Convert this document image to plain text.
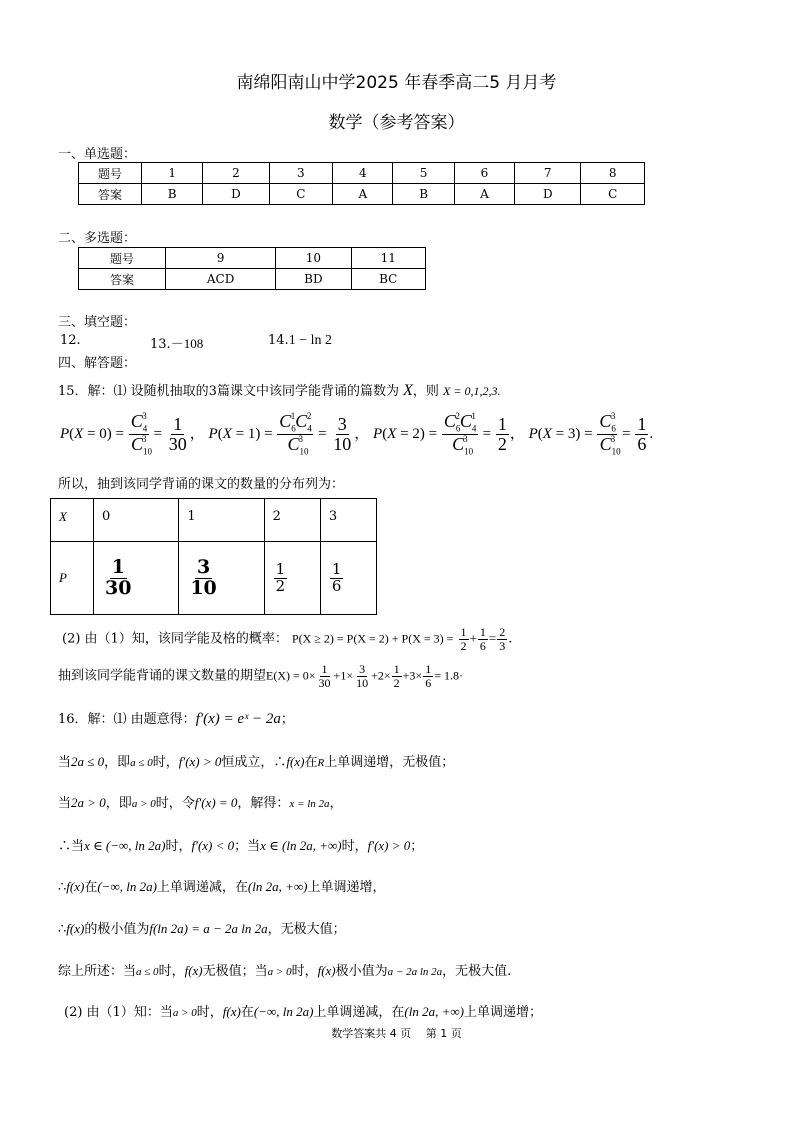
南绵阳南山中学2025 年春季高二5 月月考
数学（参考答案）
一、单选题：
题号	1	2	3	4	5	6	7	8
答案	B	D	C	A	B	A	D	C
二、多选题：
题号	9	10	11
答案	ACD	BD	BC
三、填空题：
12.	13.－108	14.1 − ln 2
四、解答题：
15．解：⑴ 设随机抽取的3篇课文中该同学能背诵的篇数为 X，则 X = 0,1,2,3.
$P(X = 0) = \frac{C_4^3}{C_{10}^3} = \frac{1}{30}$ ， $P(X = 1) = \frac{C_6^1C_4^2}{C_{10}^3} = \frac{3}{10}$ ， $P(X = 2) = \frac{C_6^2C_4^1}{C_{10}^3} = \frac{1}{2}$ ， $P(X = 3) = \frac{C_6^3}{C_{10}^3} = \frac{1}{6}$ .
所以，抽到该同学背诵的课文的数量的分布列为：
X	0	1	2	3
P	$\frac{1}{30}$	$\frac{3}{10}$	$\frac{1}{2}$	$\frac{1}{6}$
(2) 由（1）知，该同学能及格的概率： $P(X \ge 2) = P(X = 2) + P(X = 3) = \frac{1}{2} + \frac{1}{6} = \frac{2}{3}$ .
抽到该同学能背诵的课文数量的期望$E(X) = 0\times \frac{1}{30} +1\times \frac{3}{10} +2\times \frac{1}{2} +3\times \frac{1}{6} = 1.8\cdot$
16．解：⑴ 由题意得：f′(x) = eˣ − 2a；
当2a ≤ 0，即a ≤ 0时，f′(x) > 0恒成立，∴f(x)在R上单调递增，无极值；
当2a > 0，即a > 0时，令f′(x) = 0，解得：x = ln 2a，
∴当x ∈ (−∞, ln 2a)时，f′(x) < 0；当x ∈ (ln 2a, +∞)时，f′(x) > 0；
∴f(x)在(−∞, ln 2a)上单调递减，在(ln 2a, +∞)上单调递增，
∴f(x)的极小值为f(ln 2a) = a − 2a ln 2a，无极大值；
综上所述：当a ≤ 0时，f(x)无极值；当a > 0时，f(x)极小值为a − 2a ln 2a，无极大值.
(2) 由（1）知：当a > 0时，f(x)在(−∞, ln 2a)上单调递减，在(ln 2a, +∞)上单调递增；
数学答案共 4 页　 第 1 页
